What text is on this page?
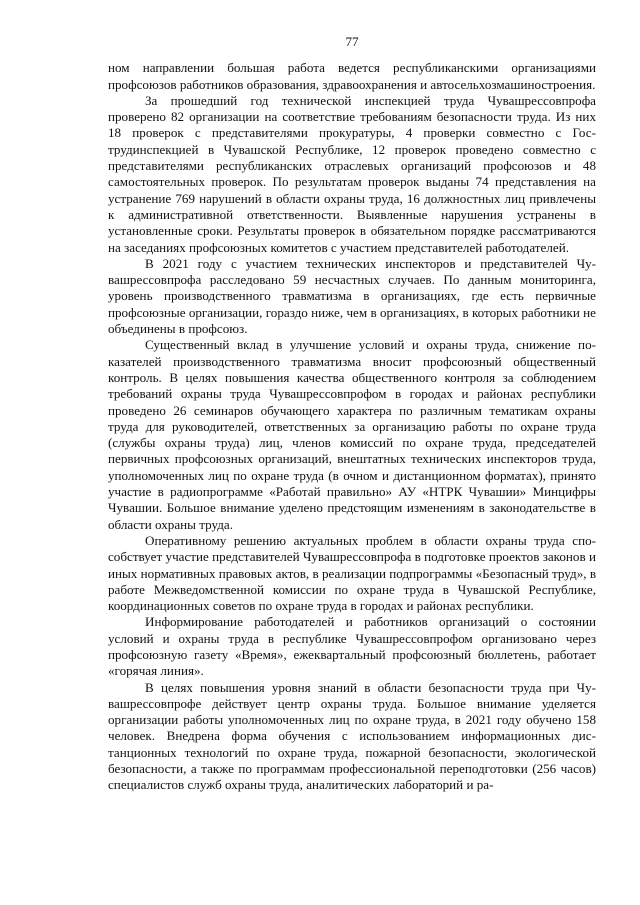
77

ном направлении большая работа ведется республиканскими организациями профсоюзов работников образования, здравоохранения и автосельхозмашиностроения.

За прошедший год технической инспекцией труда Чувашрессовпрофа проверено 82 организации на соответствие требованиям безопасности труда. Из них 18 проверок с представителями прокуратуры, 4 проверки совместно с Гострудинспекцией в Чувашской Республике, 12 проверок проведено совместно с представителями республиканских отраслевых организаций профсоюзов и 48 самостоятельных проверок. По результатам проверок выданы 74 представления на устранение 769 нарушений в области охраны труда, 16 должностных лиц привлечены к административной ответственности. Выявленные нарушения устранены в установленные сроки. Результаты проверок в обязательном порядке рассматриваются на заседаниях профсоюзных комитетов с участием представителей работодателей.

В 2021 году с участием технических инспекторов и представителей Чувашрессовпрофа расследовано 59 несчастных случаев. По данным мониторинга, уровень производственного травматизма в организациях, где есть первичные профсоюзные организации, гораздо ниже, чем в организациях, в которых работники не объединены в профсоюз.

Существенный вклад в улучшение условий и охраны труда, снижение показателей производственного травматизма вносит профсоюзный общественный контроль. В целях повышения качества общественного контроля за соблюдением требований охраны труда Чувашрессовпрофом в городах и районах республики проведено 26 семинаров обучающего характера по различным тематикам охраны труда для руководителей, ответственных за организацию работы по охране труда (службы охраны труда) лиц, членов комиссий по охране труда, председателей первичных профсоюзных организаций, внештатных технических инспекторов труда, уполномоченных лиц по охране труда (в очном и дистанционном форматах), принято участие в радиопрограмме «Работай правильно» АУ «НТРК Чувашии» Минцифры Чувашии. Большое внимание уделено предстоящим изменениям в законодательстве в области охраны труда.

Оперативному решению актуальных проблем в области охраны труда способствует участие представителей Чувашрессовпрофа в подготовке проектов законов и иных нормативных правовых актов, в реализации подпрограммы «Безопасный труд», в работе Межведомственной комиссии по охране труда в Чувашской Республике, координационных советов по охране труда в городах и районах республики.

Информирование работодателей и работников организаций о состоянии условий и охраны труда в республике Чувашрессовпрофом организовано через профсоюзную газету «Время», ежеквартальный профсоюзный бюллетень, работает «горячая линия».

В целях повышения уровня знаний в области безопасности труда при Чувашрессовпрофе действует центр охраны труда. Большое внимание уделяется организации работы уполномоченных лиц по охране труда, в 2021 году обучено 158 человек. Внедрена форма обучения с использованием информационных дистанционных технологий по охране труда, пожарной безопасности, экологической безопасности, а также по программам профессиональной переподготовки (256 часов) специалистов служб охраны труда, аналитических лабораторий и ра-
